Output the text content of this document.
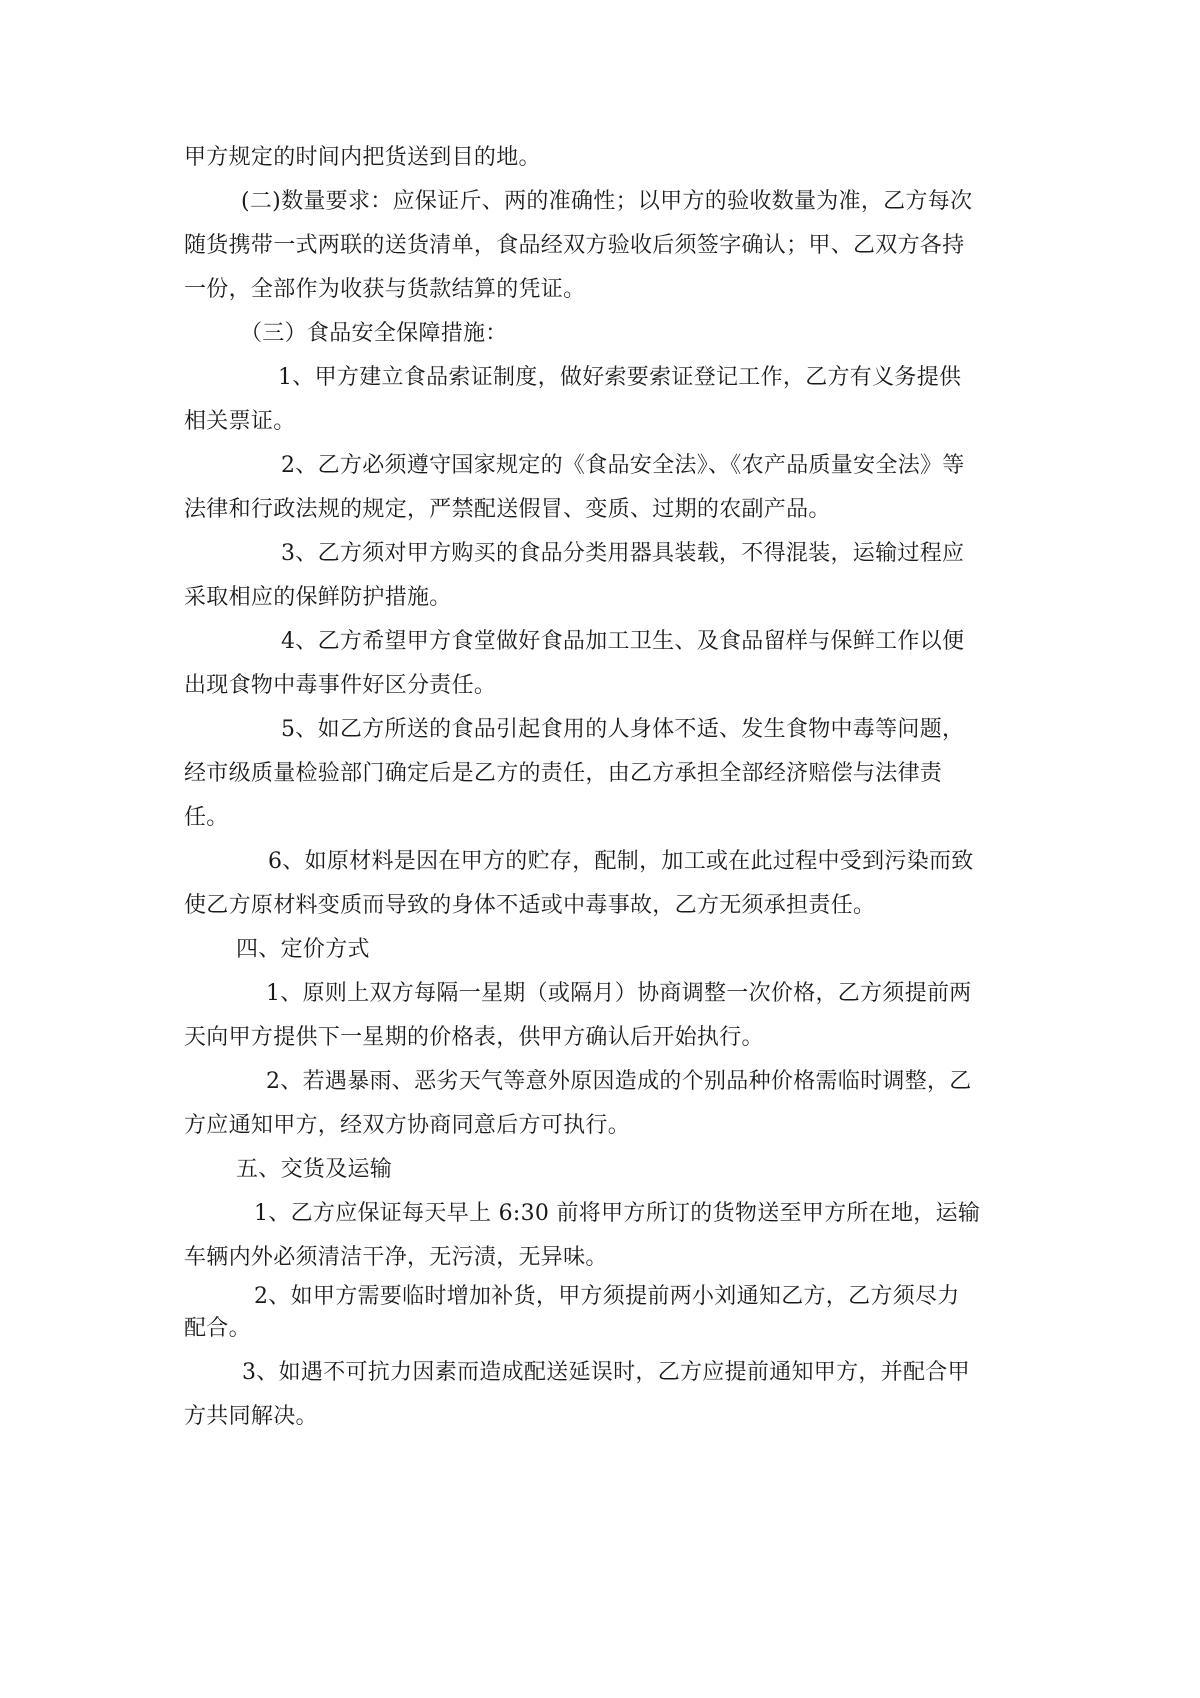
甲方规定的时间内把货送到目的地。
(二)数量要求：应保证斤、两的准确性；以甲方的验收数量为准，乙方每次
随货携带一式两联的送货清单，食品经双方验收后须签字确认；甲、乙双方各持
一份，全部作为收获与货款结算的凭证。
（三）食品安全保障措施：
1、甲方建立食品索证制度，做好索要索证登记工作，乙方有义务提供
相关票证。
2、乙方必须遵守国家规定的《食品安全法》、《农产品质量安全法》等
法律和行政法规的规定，严禁配送假冒、变质、过期的农副产品。
3、乙方须对甲方购买的食品分类用器具装载，不得混装，运输过程应
采取相应的保鲜防护措施。
4、乙方希望甲方食堂做好食品加工卫生、及食品留样与保鲜工作以便
出现食物中毒事件好区分责任。
5、如乙方所送的食品引起食用的人身体不适、发生食物中毒等问题，
经市级质量检验部门确定后是乙方的责任，由乙方承担全部经济赔偿与法律责
任。
6、如原材料是因在甲方的贮存，配制，加工或在此过程中受到污染而致
使乙方原材料变质而导致的身体不适或中毒事故，乙方无须承担责任。
四、定价方式
1、原则上双方每隔一星期（或隔月）协商调整一次价格，乙方须提前两
天向甲方提供下一星期的价格表，供甲方确认后开始执行。
2、若遇暴雨、恶劣天气等意外原因造成的个别品种价格需临时调整，乙
方应通知甲方，经双方协商同意后方可执行。
五、交货及运输
1、乙方应保证每天早上 6:30 前将甲方所订的货物送至甲方所在地，运输
车辆内外必须清洁干净，无污渍，无异味。
2、如甲方需要临时增加补货，甲方须提前两小刘通知乙方，乙方须尽力
配合。
3、如遇不可抗力因素而造成配送延误时，乙方应提前通知甲方，并配合甲
方共同解决。
